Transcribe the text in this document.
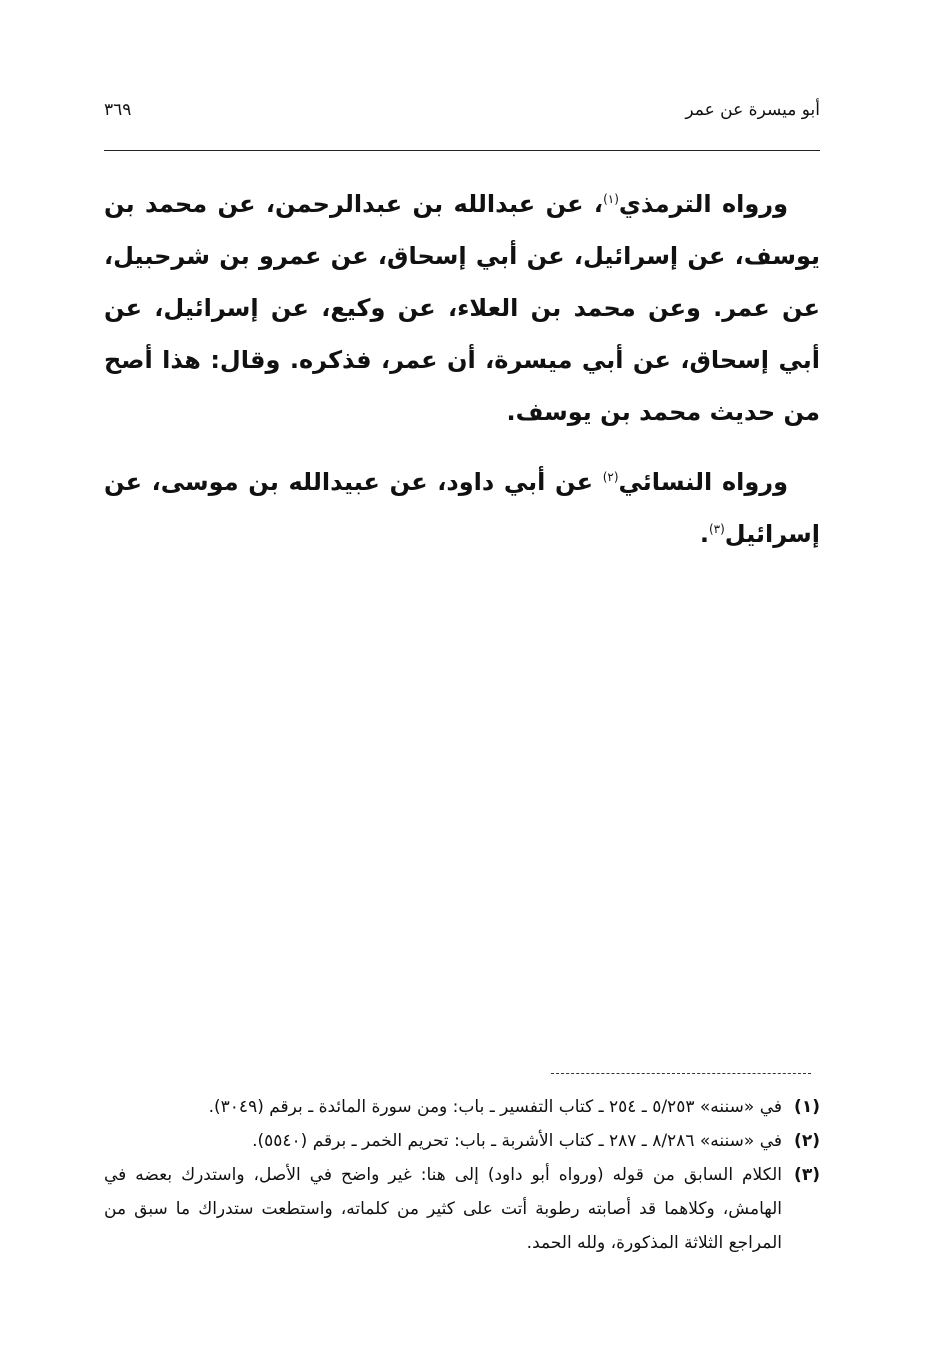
أبو ميسرة عن عمر
٣٦٩

ورواه الترمذي$^{(١)}$، عن عبدالله بن عبدالرحمن، عن محمد بن يوسف، عن إسرائيل، عن أبي إسحاق، عن عمرو بن شرحبيل، عن عمر. وعن محمد بن العلاء، عن وكيع، عن إسرائيل، عن أبي إسحاق، عن أبي ميسرة، أن عمر، فذكره. وقال: هذا أصح من حديث محمد بن يوسف.

ورواه النسائي$^{(٢)}$ عن أبي داود، عن عبيدالله بن موسى، عن إسرائيل$^{(٣)}$.

(١)
في «سننه» ٥/٢٥٣ ـ ٢٥٤ ـ كتاب التفسير ـ باب: ومن سورة المائدة ـ برقم (٣٠٤٩).
(٢)
في «سننه» ٨/٢٨٦ ـ ٢٨٧ ـ كتاب الأشربة ـ باب: تحريم الخمر ـ برقم (٥٥٤٠).
(٣)
الكلام السابق من قوله (ورواه أبو داود) إلى هنا: غير واضح في الأصل، واستدرك بعضه في الهامش، وكلاهما قد أصابته رطوبة أتت على كثير من كلماته، واستطعت ستدراك ما سبق من المراجع الثلاثة المذكورة، ولله الحمد.
